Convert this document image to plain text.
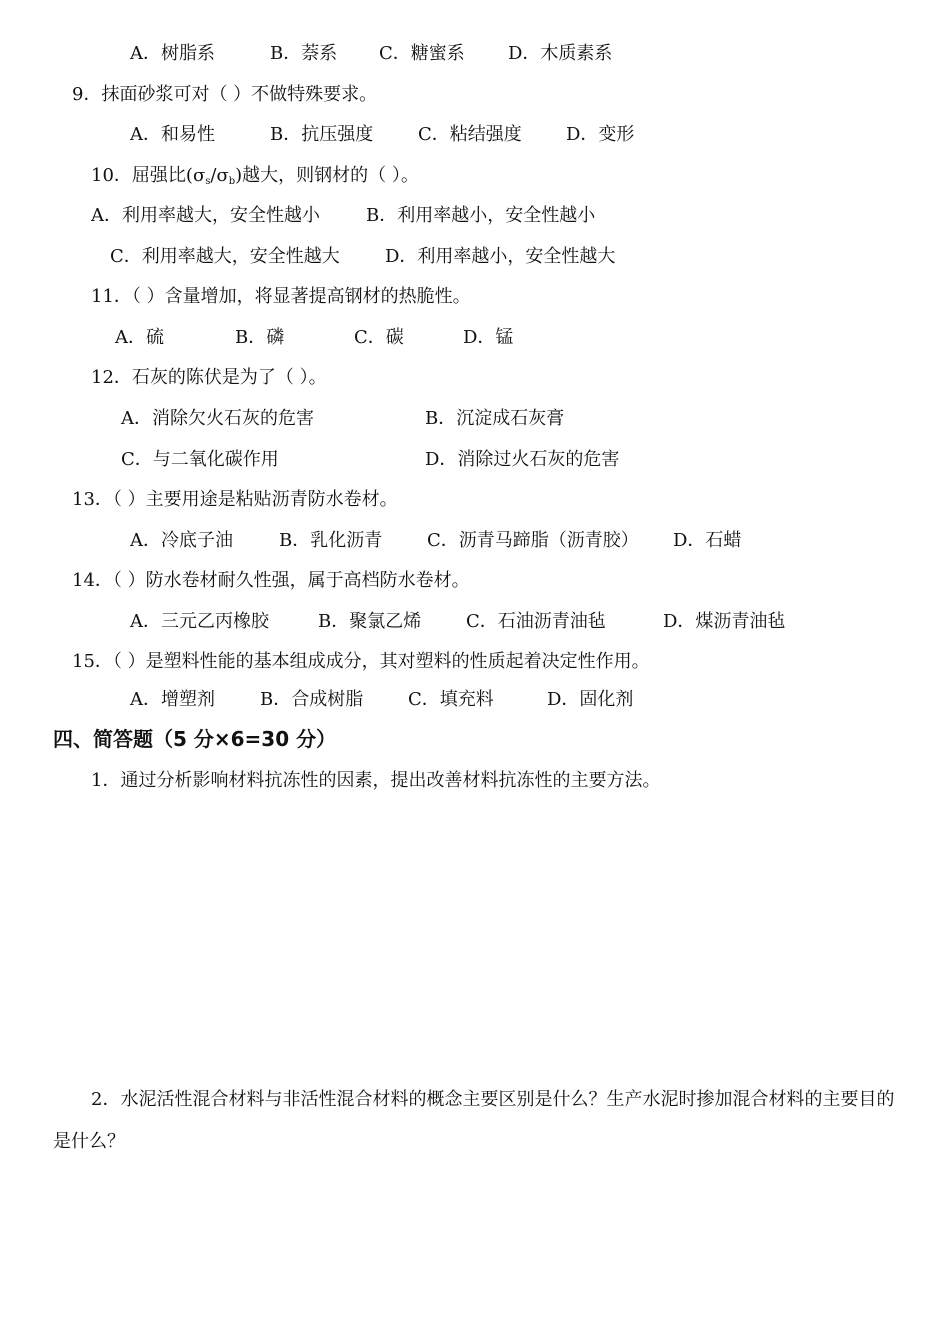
A．树脂系	B．萘系 C．糖蜜系 D．木质素系
9．抹面砂浆可对（ ）不做特殊要求。
A．和易性	B．抗压强度 C．粘结强度 D．变形
10．屈强比$(\sigma_s/\sigma_b)$越大，则钢材的（ ）。
A．利用率越大，安全性越小	B．利用率越小，安全性越小
C．利用率越大，安全性越大	D．利用率越小，安全性越大
11．（ ）含量增加，将显著提高钢材的热脆性。
A．硫	B．磷	C．碳	D．锰
12．石灰的陈伏是为了（ ）。
A．消除欠火石灰的危害	B．沉淀成石灰膏
C．与二氧化碳作用	D．消除过火石灰的危害
13．（ ）主要用途是粘贴沥青防水卷材。
A．冷底子油	B．乳化沥青 C．沥青马蹄脂（沥青胶） D．石蜡
14．（ ）防水卷材耐久性强，属于高档防水卷材。
A．三元乙丙橡胶	B．聚氯乙烯 C．石油沥青油毡	D．煤沥青油毡
15．（ ）是塑料性能的基本组成成分，其对塑料的性质起着决定性作用。
A．增塑剂	B．合成树脂 C．填充料	D．固化剂
四、简答题（5 分×6=30 分）
1．通过分析影响材料抗冻性的因素，提出改善材料抗冻性的主要方法。
2．水泥活性混合材料与非活性混合材料的概念主要区别是什么？生产水泥时掺加混合材料的主要目的是什么？
